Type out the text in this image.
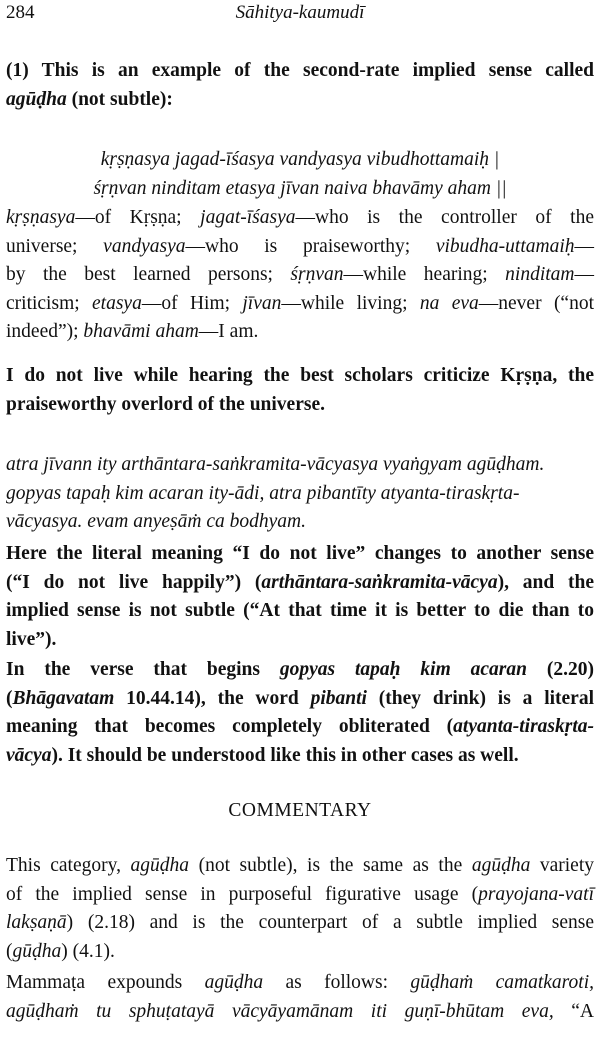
284	Sāhitya-kaumudī
(1) This is an example of the second-rate implied sense called
agūḍha (not subtle):
kṛṣṇasya jagad-īśasya vandyasya vibudhottamaiḥ |
śṛṇvan ninditam etasya jīvan naiva bhavāmy aham ||
kṛṣṇasya—of Kṛṣṇa; jagat-īśasya—who is the controller of the
universe; vandyasya—who is praiseworthy; vibudha-uttamaiḥ—
by the best learned persons; śṛṇvan—while hearing; ninditam—
criticism; etasya—of Him; jīvan—while living; na eva—never (“not
indeed”); bhavāmi aham—I am.
I do not live while hearing the best scholars criticize Kṛṣṇa, the
praiseworthy overlord of the universe.
atra jīvann ity arthāntara-saṅkramita-vācyasya vyaṅgyam agūḍham.
gopyas tapaḥ kim acaran ity-ādi, atra pibantīty atyanta-tiraskṛta-
vācyasya. evam anyeṣāṁ ca bodhyam.
Here the literal meaning “I do not live” changes to another sense
(“I do not live happily”) (arthāntara-saṅkramita-vācya), and the
implied sense is not subtle (“At that time it is better to die than to
live”).
In the verse that begins gopyas tapaḥ kim acaran (2.20)
(Bhāgavatam 10.44.14), the word pibanti (they drink) is a literal
meaning that becomes completely obliterated (atyanta-tiraskṛta-
vācya). It should be understood like this in other cases as well.
COMMENTARY
This category, agūḍha (not subtle), is the same as the agūḍha variety
of the implied sense in purposeful figurative usage (prayojana-vatī
lakṣaṇā) (2.18) and is the counterpart of a subtle implied sense
(gūḍha) (4.1).
Mammaṭa expounds agūḍha as follows: gūḍhaṁ camatkaroti,
agūḍhaṁ tu sphuṭatayā vācyāyamānam iti guṇī-bhūtam eva, “A
